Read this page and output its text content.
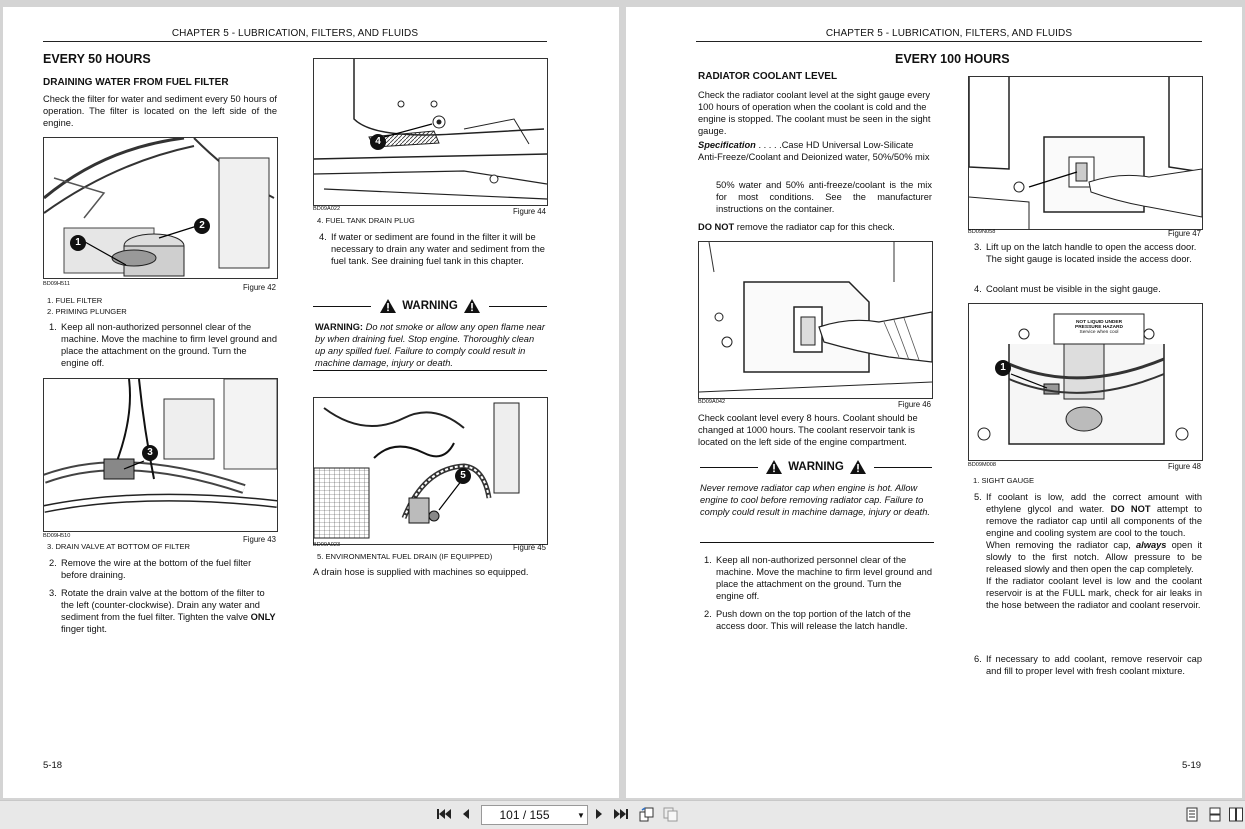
CHAPTER 5 - LUBRICATION, FILTERS, AND FLUIDS
EVERY 50 HOURS
DRAINING WATER FROM FUEL FILTER
Check the filter for water and sediment every 50 hours of operation. The filter is located on the left side of the engine.
1
2
BD09H511	Figure 42
1. FUEL FILTER
2. PRIMING PLUNGER
1. Keep all non-authorized personnel clear of the machine. Move the machine to firm level ground and place the attachment on the ground. Turn the engine off.
3
BD09H510	Figure 43
3. DRAIN VALVE AT BOTTOM OF FILTER
2. Remove the wire at the bottom of the fuel filter before draining.
3. Rotate the drain valve at the bottom of the filter to the left (counter-clockwise). Drain any water and sediment from the fuel filter. Tighten the valve ONLY finger tight.
4
BD09A022	Figure 44
4. FUEL TANK DRAIN PLUG
4. If water or sediment are found in the filter it will be necessary to drain any water and sediment from the fuel tank. See draining fuel tank in this chapter.
WARNING
WARNING: Do not smoke or allow any open flame near by when draining fuel. Stop engine. Thoroughly clean up any spilled fuel. Failure to comply could result in machine damage, injury or death.
5
BD09A023	Figure 45
5. ENVIRONMENTAL FUEL DRAIN (IF EQUIPPED)
A drain hose is supplied with machines so equipped.
5-18
CHAPTER 5 - LUBRICATION, FILTERS, AND FLUIDS
EVERY 100 HOURS
RADIATOR COOLANT LEVEL
Check the radiator coolant level at the sight gauge every 100 hours of operation when the coolant is cold and the engine is stopped. The coolant must be seen in the sight gauge.
Specification . . . . .Case HD Universal Low-Silicate Anti-Freeze/Coolant and Deionized water, 50%/50% mix
50% water and 50% anti-freeze/coolant is the mix for most conditions. See the manufacturer instructions on the container.
DO NOT remove the radiator cap for this check.
BD09A042	Figure 46
Check coolant level every 8 hours. Coolant should be changed at 1000 hours. The coolant reservoir tank is located on the left side of the engine compartment.
WARNING
Never remove radiator cap when engine is hot. Allow engine to cool before removing radiator cap. Failure to comply could result in machine damage, injury or death.
1. Keep all non-authorized personnel clear of the machine. Move the machine to firm level ground and place the attachment on the ground. Turn the engine off.
2. Push down on the top portion of the latch of the access door. This will release the latch handle.
BD09N058	Figure 47
3. Lift up on the latch handle to open the access door. The sight gauge is located inside the access door.
4. Coolant must be visible in the sight gauge.
NOT LIQUID UNDER
PRESSURE HAZARD
Service when cool
1
BD09M008	Figure 48
1. SIGHT GAUGE
5. If coolant is low, add the correct amount with ethylene glycol and water. DO NOT attempt to remove the radiator cap until all components of the engine and cooling system are cool to the touch.
When removing the radiator cap, always open it slowly to the first notch. Allow pressure to be released slowly and then open the cap completely.
If the radiator coolant level is low and the coolant reservoir is at the FULL mark, check for air leaks in the hose between the radiator and coolant reservoir.
6. If necessary to add coolant, remove reservoir cap and fill to proper level with fresh coolant mixture.
5-19
101 / 155	▼
